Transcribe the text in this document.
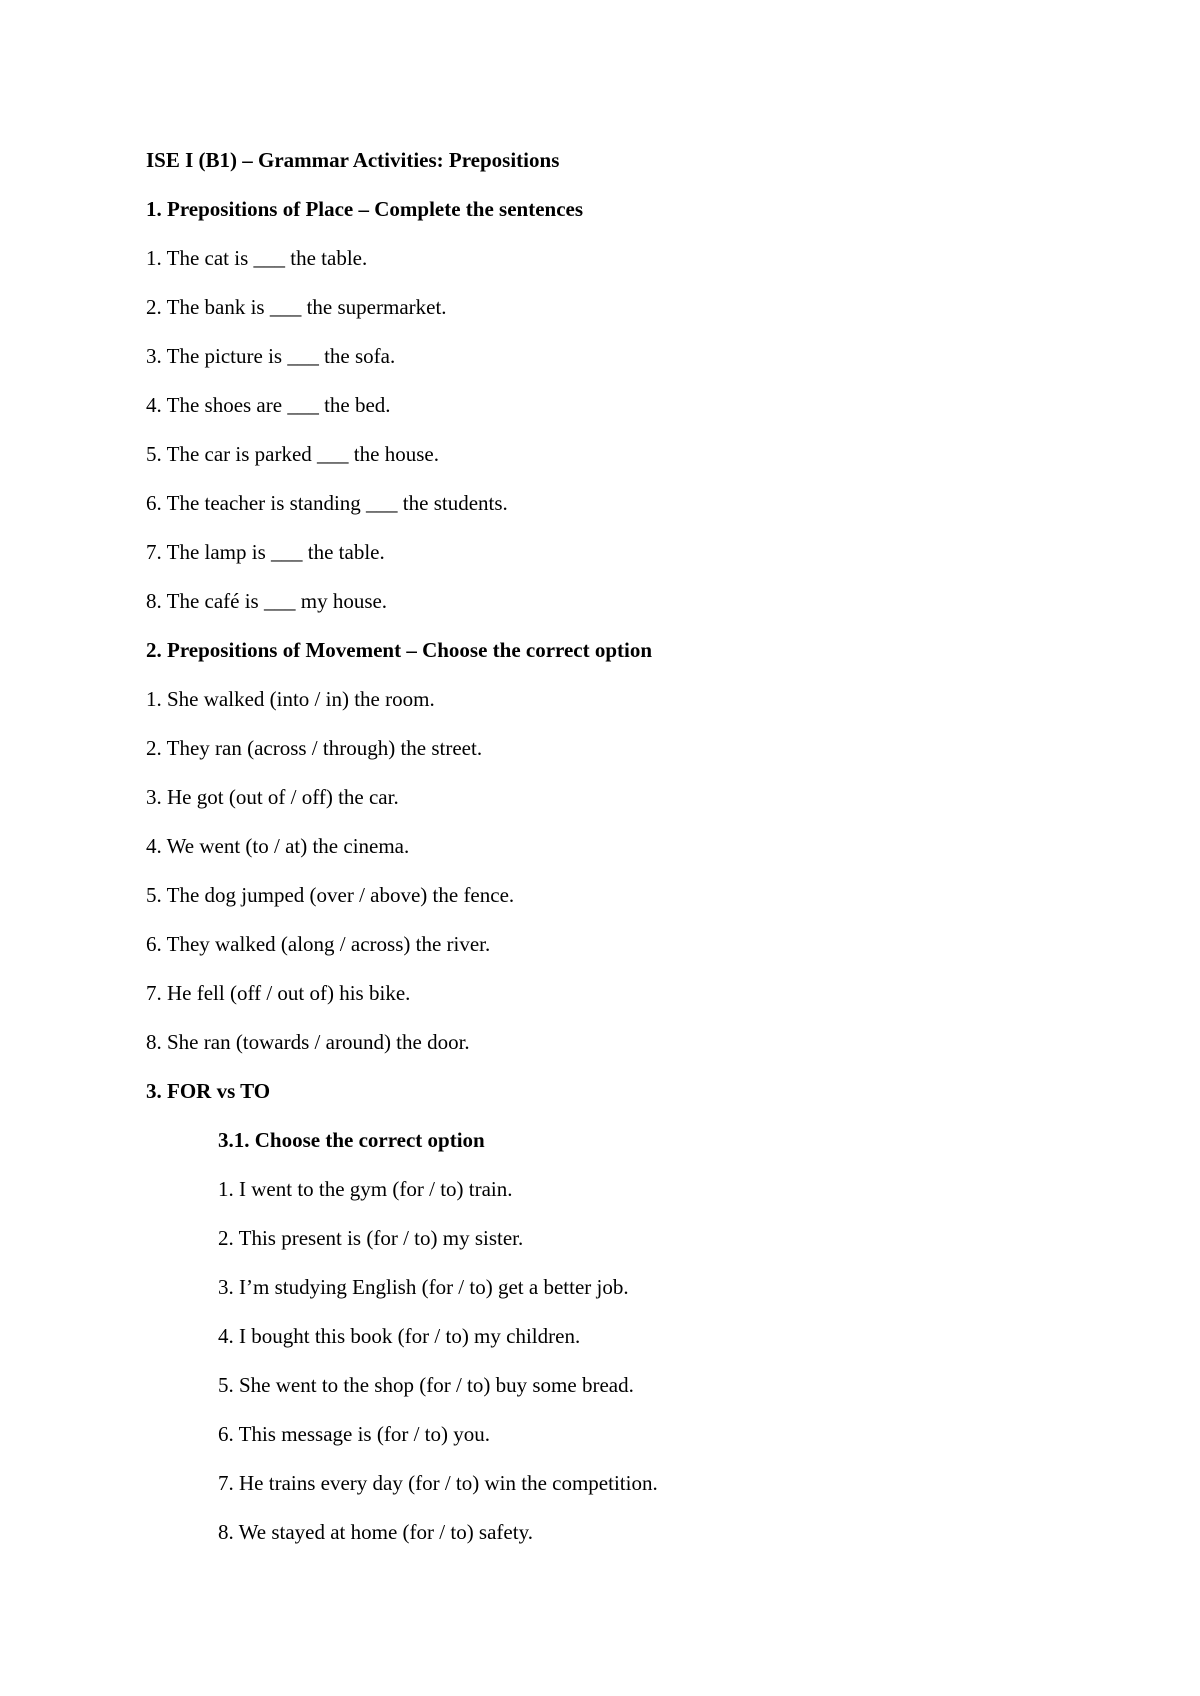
ISE I (B1) – Grammar Activities: Prepositions
1. Prepositions of Place – Complete the sentences
1. The cat is ___ the table.
2. The bank is ___ the supermarket.
3. The picture is ___ the sofa.
4. The shoes are ___ the bed.
5. The car is parked ___ the house.
6. The teacher is standing ___ the students.
7. The lamp is ___ the table.
8. The café is ___ my house.
2. Prepositions of Movement – Choose the correct option
1. She walked (into / in) the room.
2. They ran (across / through) the street.
3. He got (out of / off) the car.
4. We went (to / at) the cinema.
5. The dog jumped (over / above) the fence.
6. They walked (along / across) the river.
7. He fell (off / out of) his bike.
8. She ran (towards / around) the door.
3. FOR vs TO
3.1. Choose the correct option
1. I went to the gym (for / to) train.
2. This present is (for / to) my sister.
3. I’m studying English (for / to) get a better job.
4. I bought this book (for / to) my children.
5. She went to the shop (for / to) buy some bread.
6. This message is (for / to) you.
7. He trains every day (for / to) win the competition.
8. We stayed at home (for / to) safety.
